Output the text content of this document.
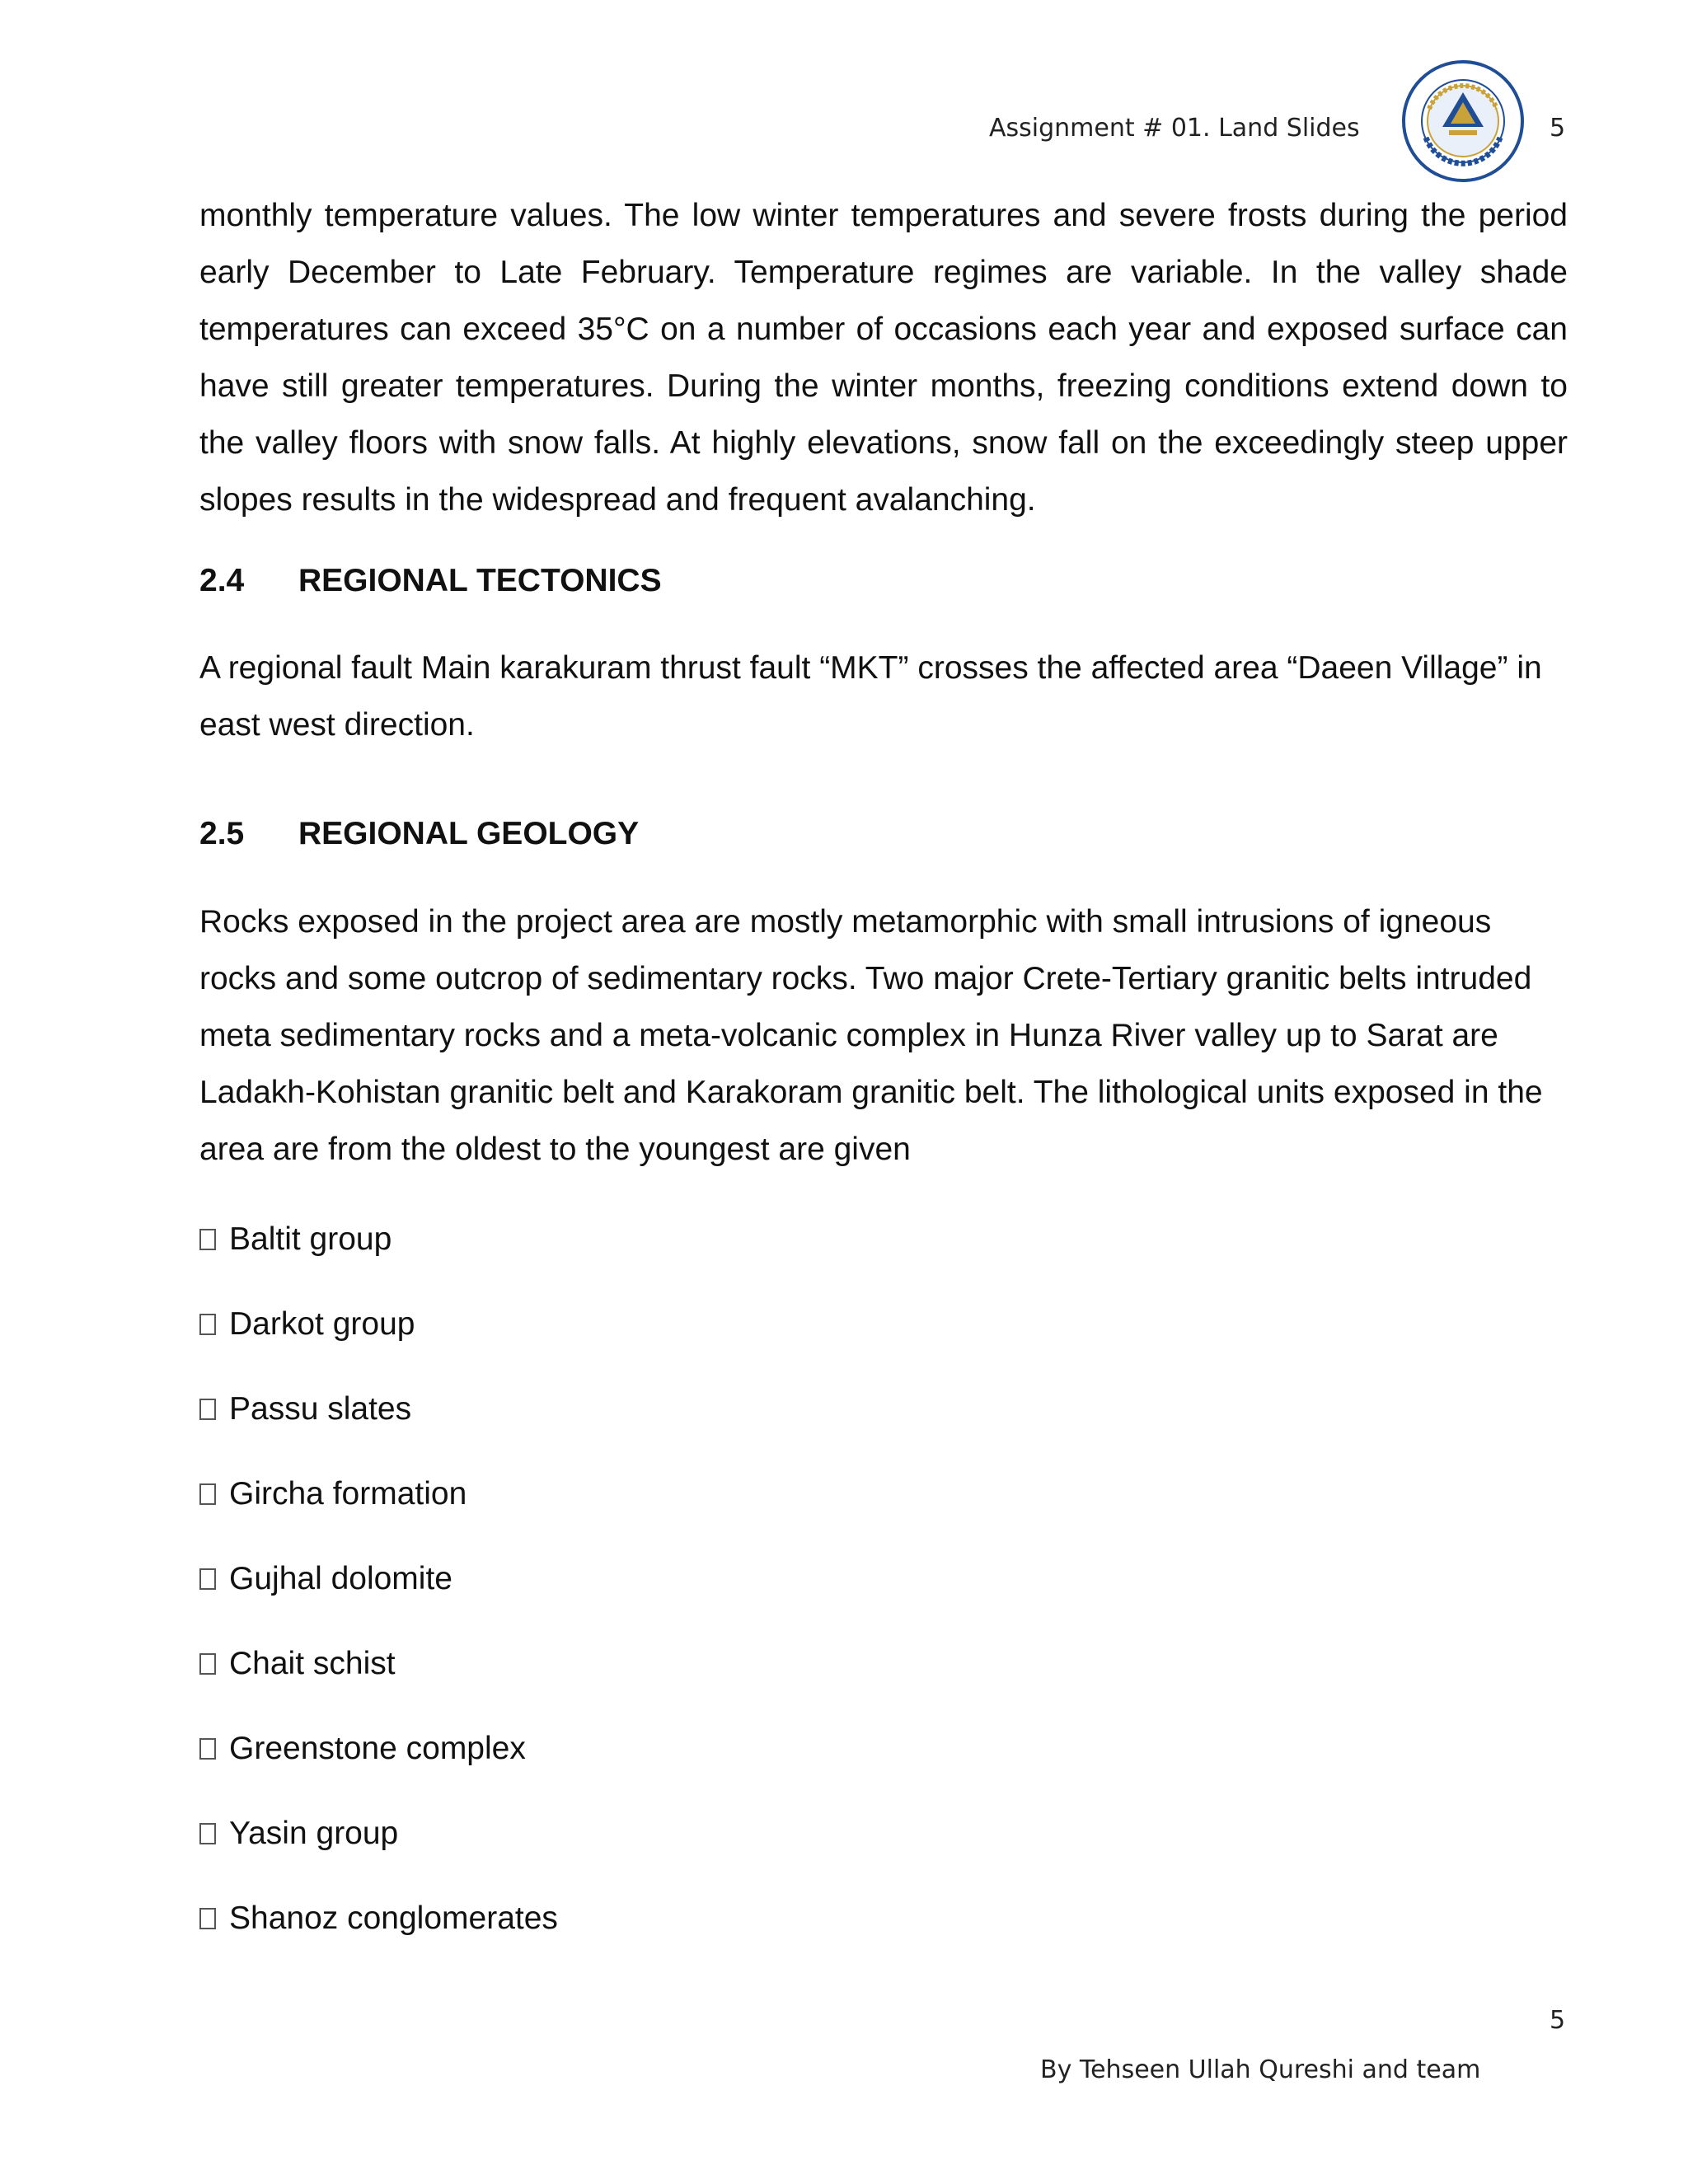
Assignment # 01. Land Slides	5

monthly temperature values. The low winter temperatures and severe frosts during the period early December to Late February. Temperature regimes are variable. In the valley shade temperatures can exceed 35°C on a number of occasions each year and exposed surface can have still greater temperatures. During the winter months, freezing conditions extend down to the valley floors with snow falls. At highly elevations, snow fall on the exceedingly steep upper slopes results in the widespread and frequent avalanching.

2.4 REGIONAL TECTONICS

A regional fault Main karakuram thrust fault “MKT” crosses the affected area “Daeen Village” in east west direction.

2.5 REGIONAL GEOLOGY

Rocks exposed in the project area are mostly metamorphic with small intrusions of igneous rocks and some outcrop of sedimentary rocks. Two major Crete-Tertiary granitic belts intruded meta sedimentary rocks and a meta-volcanic complex in Hunza River valley up to Sarat are Ladakh-Kohistan granitic belt and Karakoram granitic belt. The lithological units exposed in the area are from the oldest to the youngest are given

Baltit group
Darkot group
Passu slates
Gircha formation
Gujhal dolomite
Chait schist
Greenstone complex
Yasin group
Shanoz conglomerates
5
By Tehseen Ullah Qureshi and team
